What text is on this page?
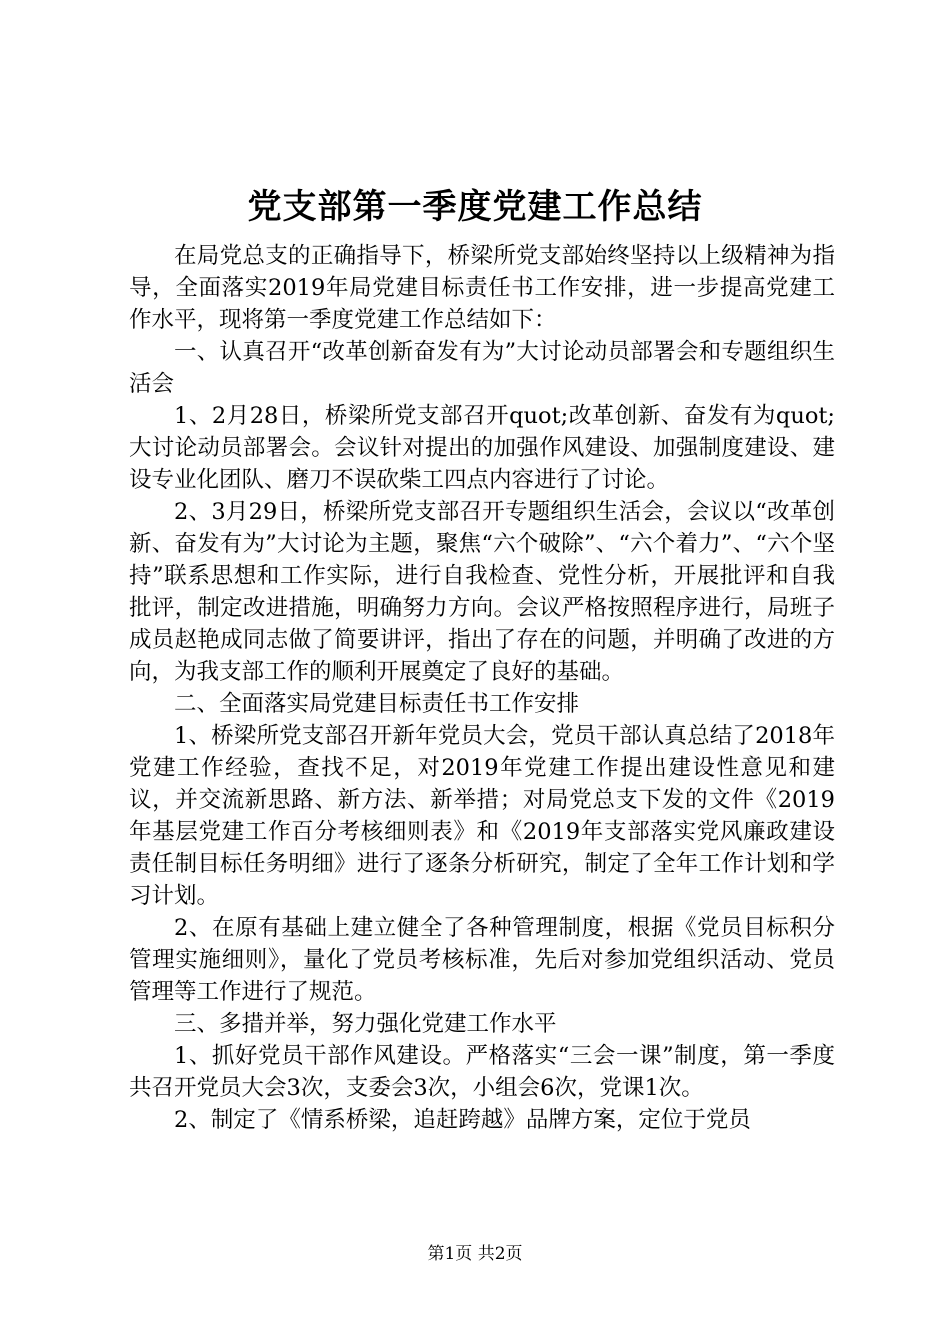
党支部第一季度党建工作总结

在局党总支的正确指导下，桥梁所党支部始终坚持以上级精神为指导，全面落实2019年局党建目标责任书工作安排，进一步提高党建工作水平，现将第一季度党建工作总结如下：

一、认真召开“改革创新奋发有为”大讨论动员部署会和专题组织生活会

1、2月28日，桥梁所党支部召开quot;改革创新、奋发有为quot;大讨论动员部署会。会议针对提出的加强作风建设、加强制度建设、建设专业化团队、磨刀不误砍柴工四点内容进行了讨论。

2、3月29日，桥梁所党支部召开专题组织生活会，会议以“改革创新、奋发有为”大讨论为主题，聚焦“六个破除”、“六个着力”、“六个坚持”联系思想和工作实际，进行自我检查、党性分析，开展批评和自我批评，制定改进措施，明确努力方向。会议严格按照程序进行，局班子成员赵艳成同志做了简要讲评，指出了存在的问题，并明确了改进的方向，为我支部工作的顺利开展奠定了良好的基础。

二、全面落实局党建目标责任书工作安排

1、桥梁所党支部召开新年党员大会，党员干部认真总结了2018年党建工作经验，查找不足，对2019年党建工作提出建设性意见和建议，并交流新思路、新方法、新举措；对局党总支下发的文件《2019年基层党建工作百分考核细则表》和《2019年支部落实党风廉政建设责任制目标任务明细》进行了逐条分析研究，制定了全年工作计划和学习计划。

2、在原有基础上建立健全了各种管理制度，根据《党员目标积分管理实施细则》，量化了党员考核标准，先后对参加党组织活动、党员管理等工作进行了规范。

三、多措并举，努力强化党建工作水平

1、抓好党员干部作风建设。严格落实“三会一课”制度，第一季度共召开党员大会3次，支委会3次，小组会6次，党课1次。

2、制定了《情系桥梁，追赶跨越》品牌方案，定位于党员

第1页 共2页
